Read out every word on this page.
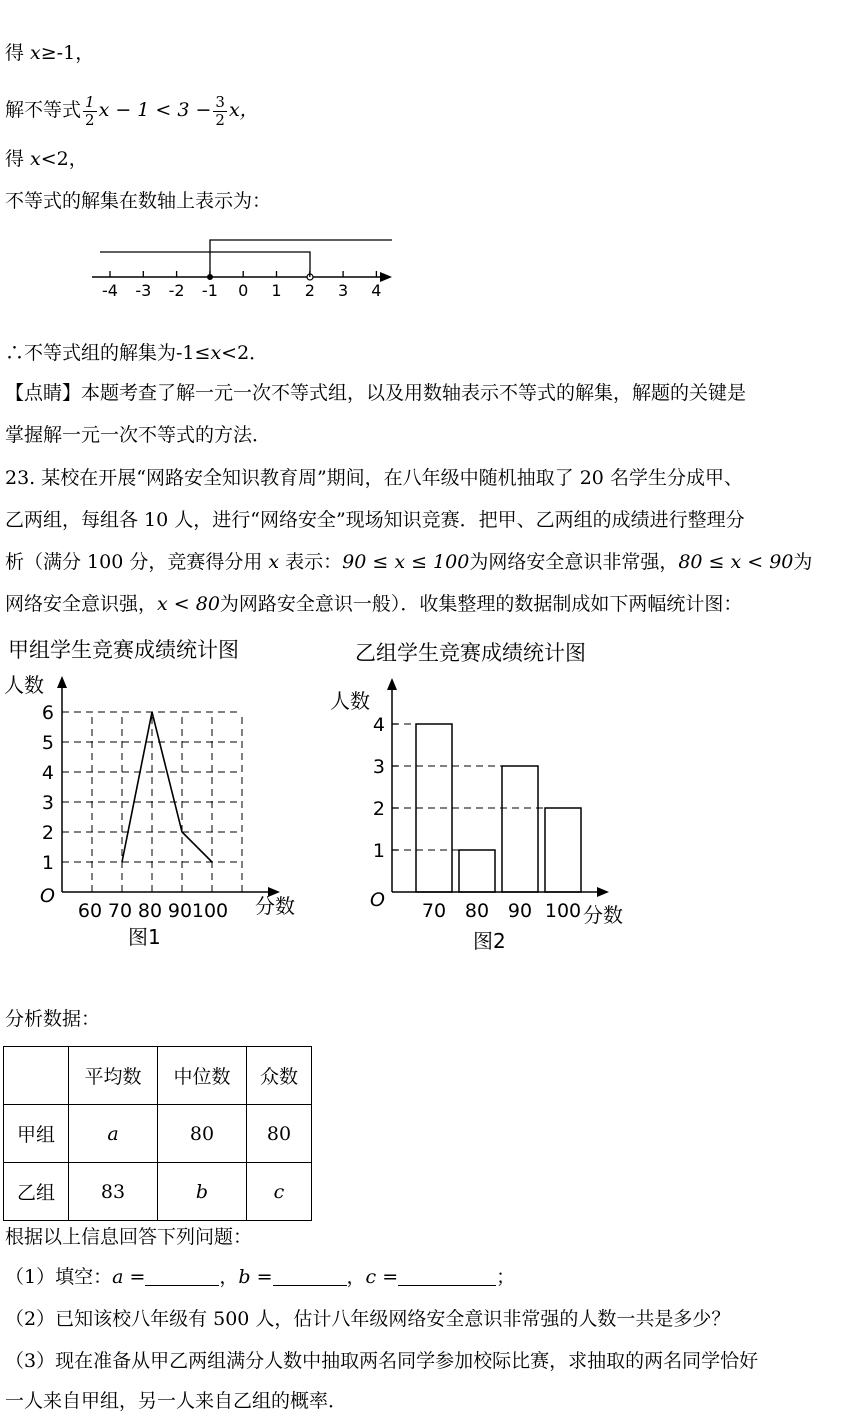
得 x≥-1，
解不等式 $\frac{1}{2}$ $x - 1 < 3 - \frac{3}{2}$ x，
得 x<2，
不等式的解集在数轴上表示为：
-4 -3 -2 -1 0 1 2 3 4
∴不等式组的解集为-1≤x<2．
【点睛】本题考查了解一元一次不等式组，以及用数轴表示不等式的解集，解题的关键是
掌握解一元一次不等式的方法．
23. 某校在开展“网路安全知识教育周”期间，在八年级中随机抽取了 20 名学生分成甲、
乙两组，每组各 10 人，进行“网络安全”现场知识竞赛．把甲、乙两组的成绩进行整理分
析（满分 100 分，竞赛得分用 x 表示：90 ≤ x ≤ 100为网络安全意识非常强，80 ≤ x < 90为
网络安全意识强，x < 80为网路安全意识一般）．收集整理的数据制成如下两幅统计图：
甲组学生竞赛成绩统计图
人数
1
2
3
4
5
6
60 70 80 90 100
O	分数
图1
乙组学生竞赛成绩统计图
人数
70 80 90 100
1
2
3
4
O
分数
图2
分析数据：
	平均数	中位数	众数
甲组	a	80	80
乙组	83	b	c
根据以上信息回答下列问题：
（1）填空：a =	，b =	，c =	；
（2）已知该校八年级有 500 人，估计八年级网络安全意识非常强的人数一共是多少？
（3）现在准备从甲乙两组满分人数中抽取两名同学参加校际比赛，求抽取的两名同学恰好
一人来自甲组，另一人来自乙组的概率．
